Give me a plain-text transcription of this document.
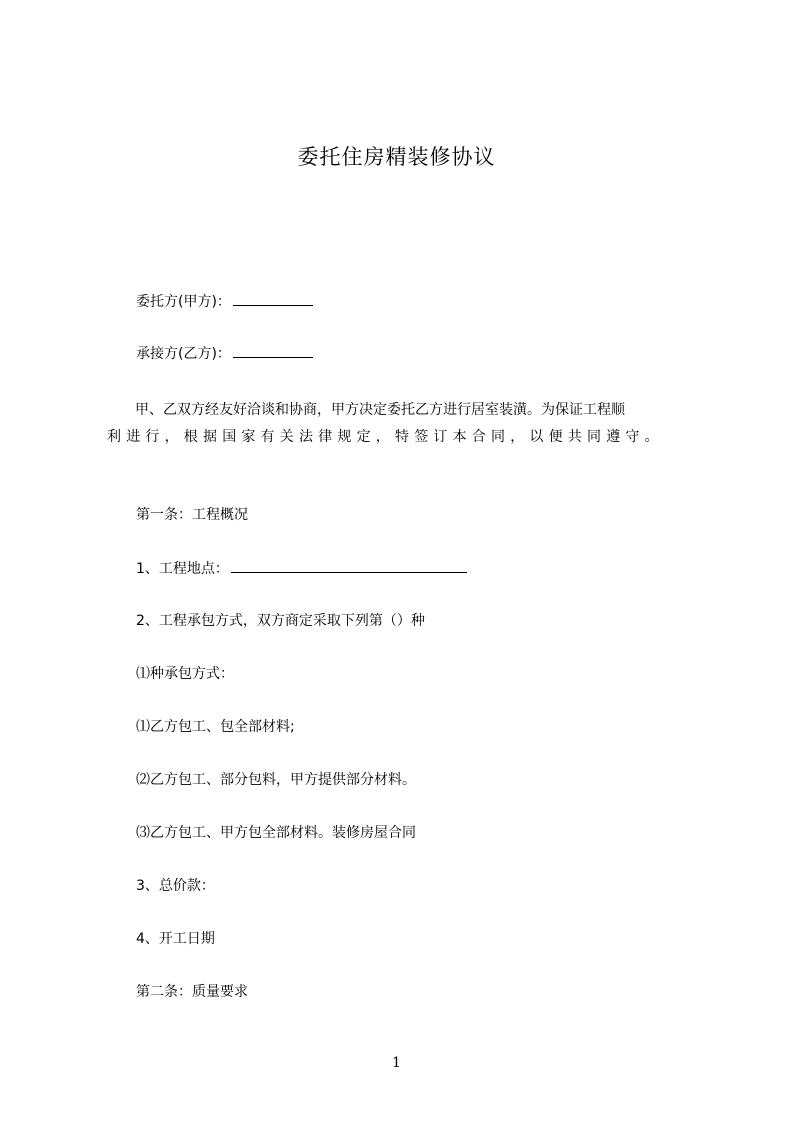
委托住房精装修协议
委托方(甲方)：
承接方(乙方)：
甲、乙双方经友好洽谈和协商，甲方决定委托乙方进行居室装潢。为保证工程顺
利进行，根据国家有关法律规定，特签订本合同，以便共同遵守。
第一条：工程概况
1、工程地点：
2、工程承包方式，双方商定采取下列第（）种
⑴种承包方式：
⑴乙方包工、包全部材料;
⑵乙方包工、部分包料，甲方提供部分材料。
⑶乙方包工、甲方包全部材料。装修房屋合同
3、总价款：
4、开工日期
第二条：质量要求
1
